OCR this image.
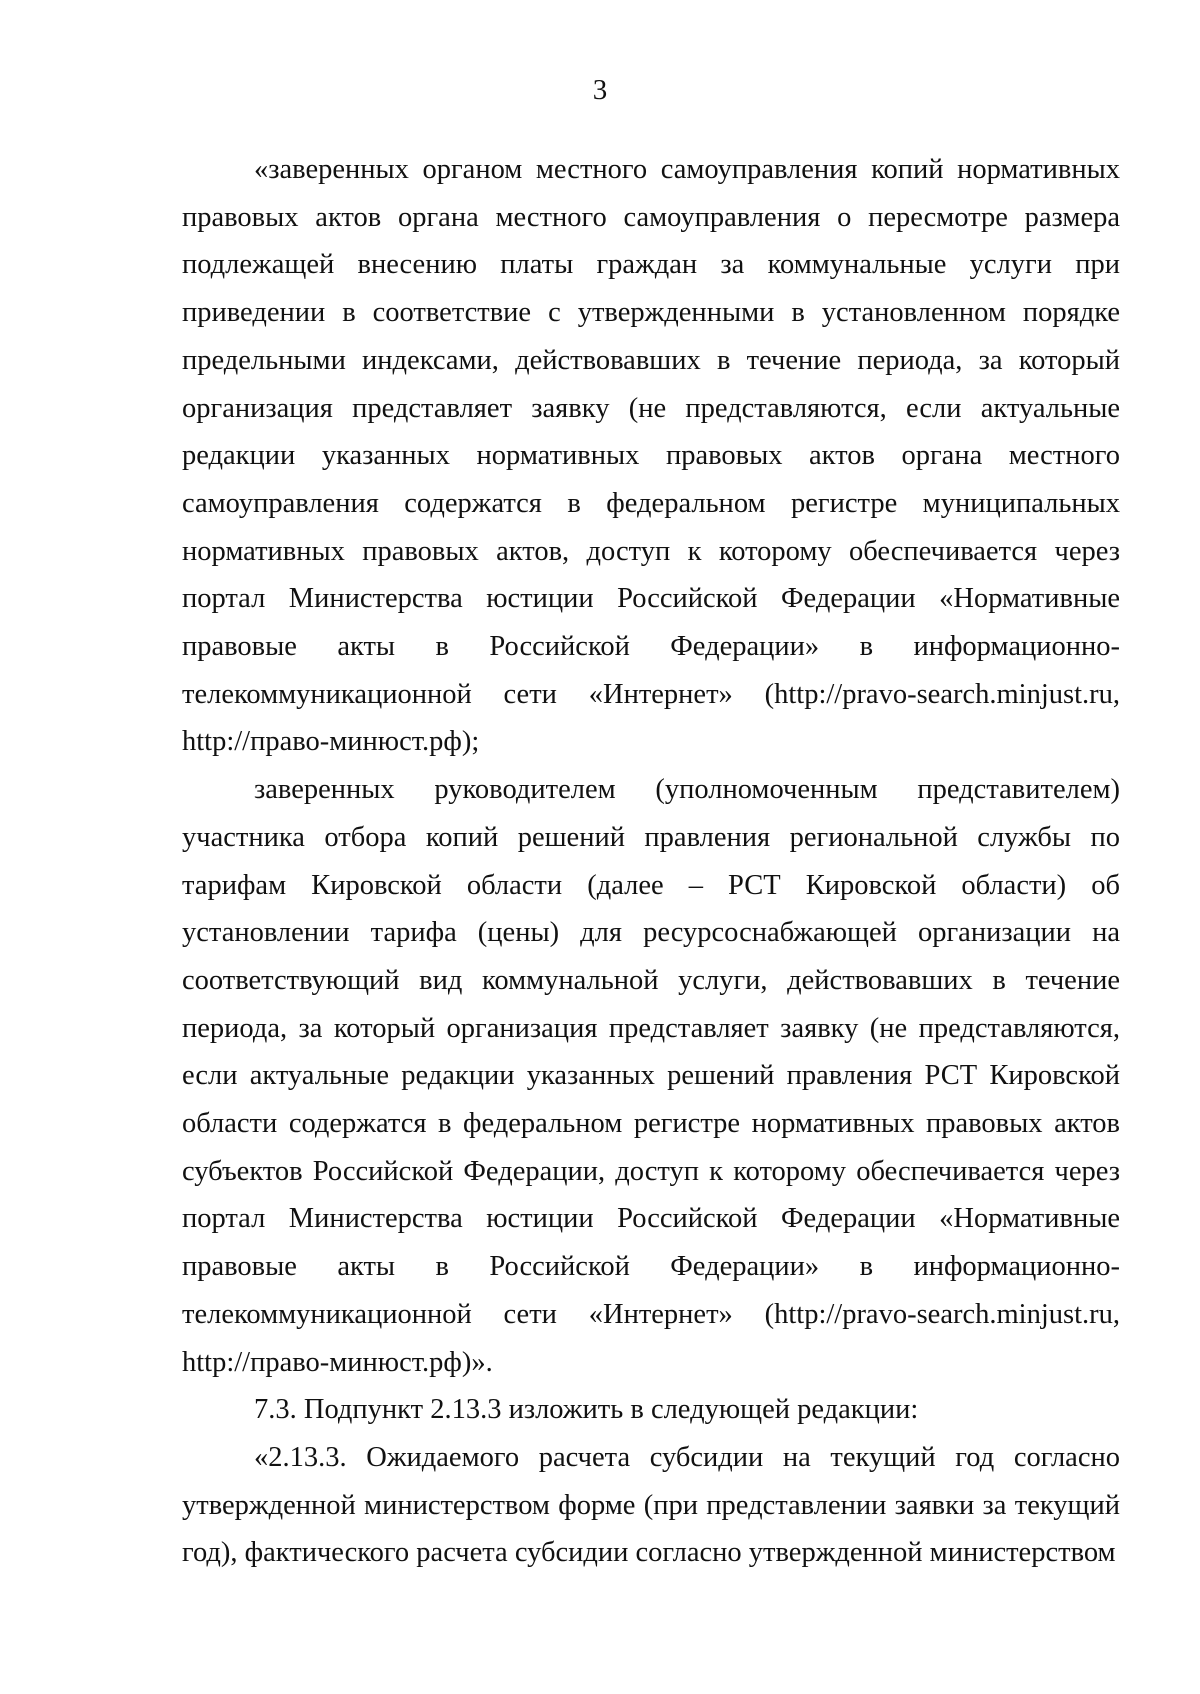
3

«заверенных органом местного самоуправления копий нормативных правовых актов органа местного самоуправления о пересмотре размера подлежащей внесению платы граждан за коммунальные услуги при приведении в соответствие с утвержденными в установленном порядке предельными индексами, действовавших в течение периода, за который организация представляет заявку (не представляются, если актуальные редакции указанных нормативных правовых актов органа местного самоуправления содержатся в федеральном регистре муниципальных нормативных правовых актов, доступ к которому обеспечивается через портал Министерства юстиции Российской Федерации «Нормативные правовые акты в Российской Федерации» в информационно-телекоммуникационной сети «Интернет» (http://pravo-search.minjust.ru, http://право-минюст.рф);

заверенных руководителем (уполномоченным представителем) участника отбора копий решений правления региональной службы по тарифам Кировской области (далее – РСТ Кировской области) об установлении тарифа (цены) для ресурсоснабжающей организации на соответствующий вид коммунальной услуги, действовавших в течение периода, за который организация представляет заявку (не представляются, если актуальные редакции указанных решений правления РСТ Кировской области содержатся в федеральном регистре нормативных правовых актов субъектов Российской Федерации, доступ к которому обеспечивается через портал Министерства юстиции Российской Федерации «Нормативные правовые акты в Российской Федерации» в информационно-телекоммуникационной сети «Интернет» (http://pravo-search.minjust.ru, http://право-минюст.рф)».

7.3. Подпункт 2.13.3 изложить в следующей редакции:

«2.13.3. Ожидаемого расчета субсидии на текущий год согласно утвержденной министерством форме (при представлении заявки за текущий год), фактического расчета субсидии согласно утвержденной министерством
